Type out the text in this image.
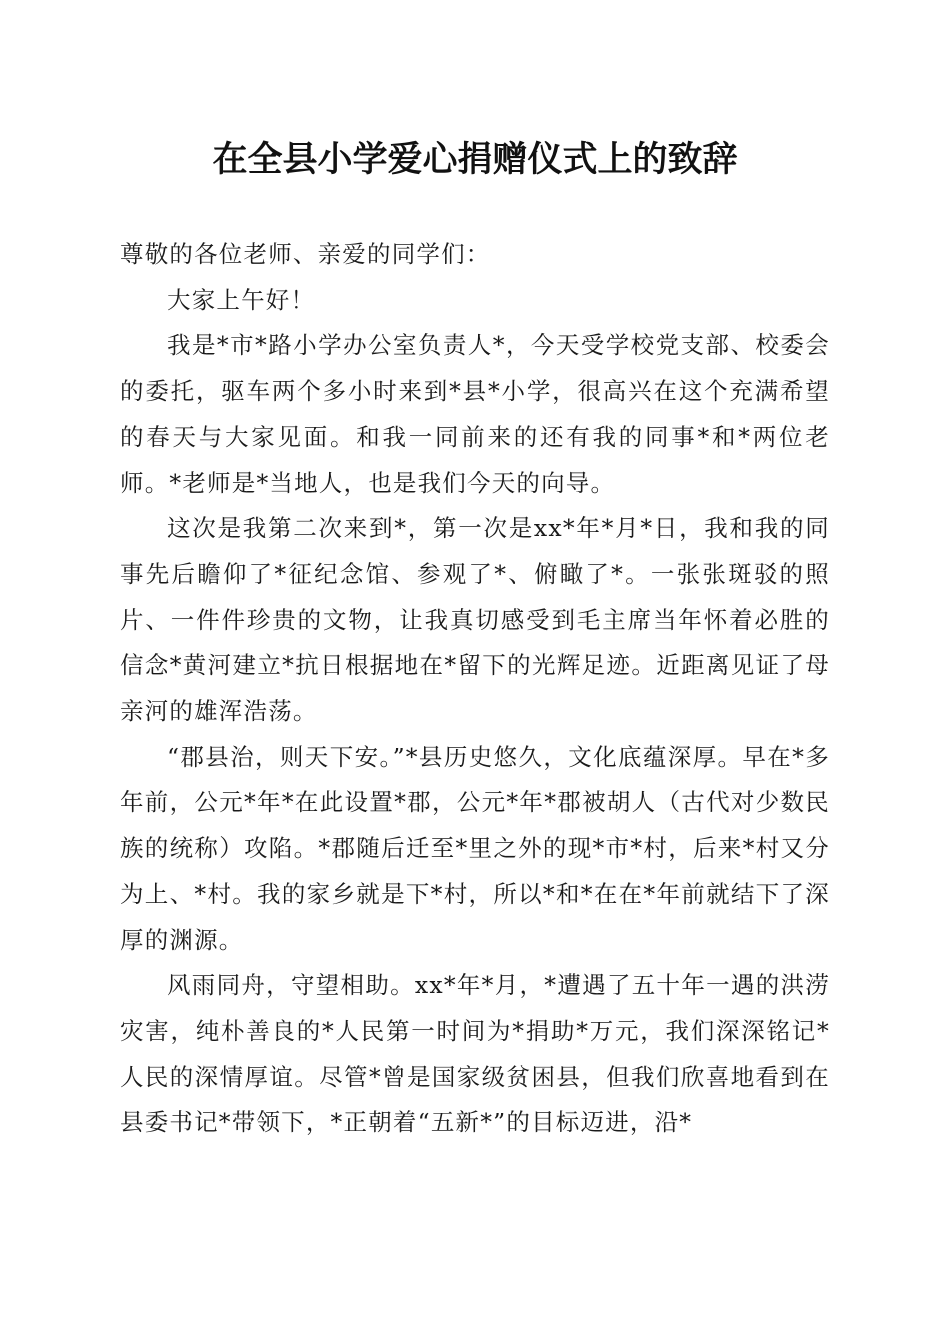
在全县小学爱心捐赠仪式上的致辞

尊敬的各位老师、亲爱的同学们：

大家上午好！

我是*市*路小学办公室负责人*，今天受学校党支部、校委会的委托，驱车两个多小时来到*县*小学，很高兴在这个充满希望的春天与大家见面。和我一同前来的还有我的同事*和*两位老师。*老师是*当地人，也是我们今天的向导。

这次是我第二次来到*，第一次是xx*年*月*日，我和我的同事先后瞻仰了*征纪念馆、参观了*、俯瞰了*。一张张斑驳的照片、一件件珍贵的文物，让我真切感受到毛主席当年怀着必胜的信念*黄河建立*抗日根据地在*留下的光辉足迹。近距离见证了母亲河的雄浑浩荡。

“郡县治，则天下安。”*县历史悠久，文化底蕴深厚。早在*多年前，公元*年*在此设置*郡，公元*年*郡被胡人（古代对少数民族的统称）攻陷。*郡随后迁至*里之外的现*市*村，后来*村又分为上、*村。我的家乡就是下*村，所以*和*在在*年前就结下了深厚的渊源。

风雨同舟，守望相助。xx*年*月，*遭遇了五十年一遇的洪涝灾害，纯朴善良的*人民第一时间为*捐助*万元，我们深深铭记*人民的深情厚谊。尽管*曾是国家级贫困县，但我们欣喜地看到在县委书记*带领下，*正朝着“五新*”的目标迈进，沿*
